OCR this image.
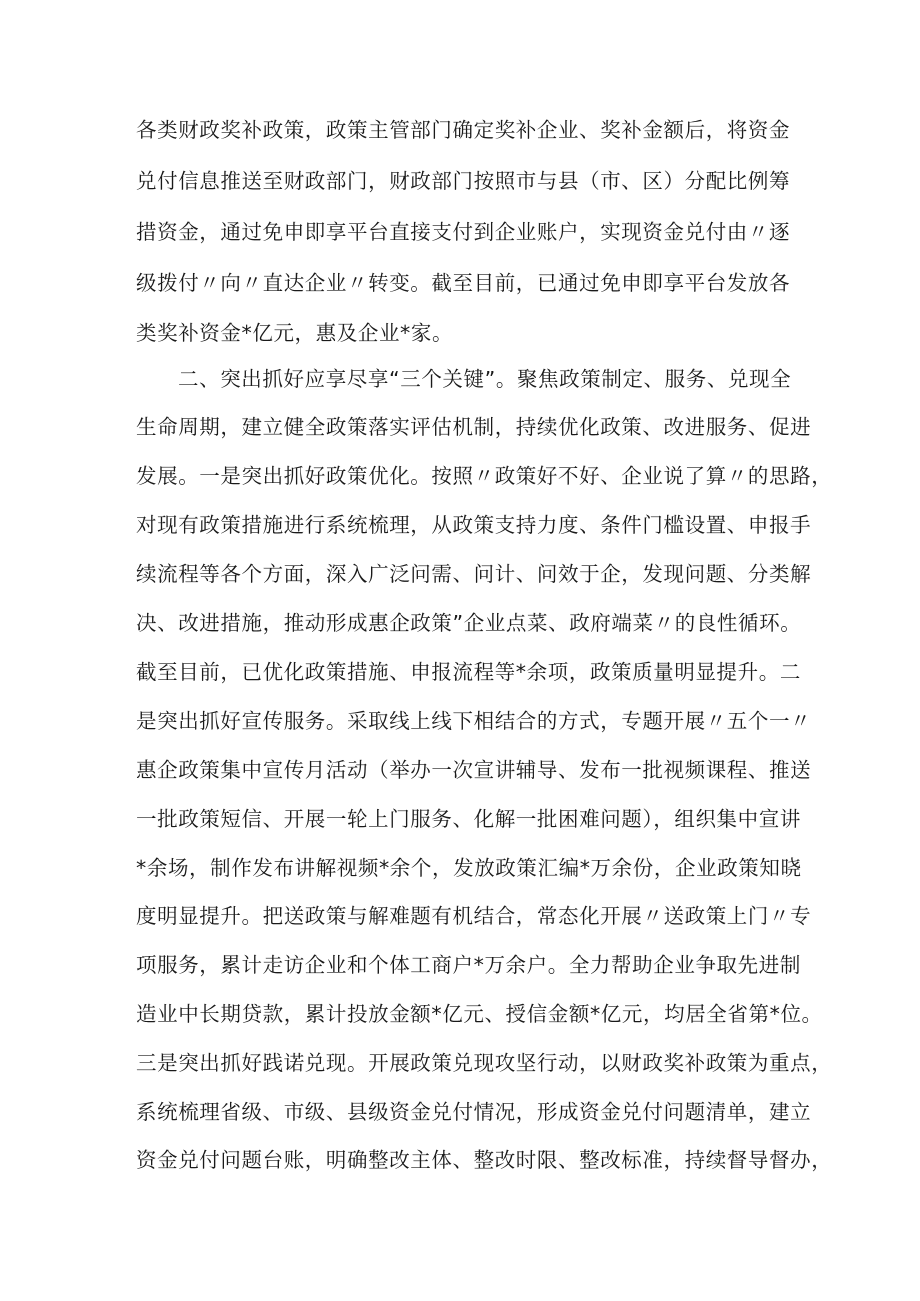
各类财政奖补政策，政策主管部门确定奖补企业、奖补金额后，将资金
兑付信息推送至财政部门，财政部门按照市与县（市、区）分配比例筹
措资金，通过免申即享平台直接支付到企业账户，实现资金兑付由〃逐
级拨付〃向〃直达企业〃转变。截至目前，已通过免申即享平台发放各
类奖补资金*亿元，惠及企业*家。
二、突出抓好应享尽享“三个关键”。聚焦政策制定、服务、兑现全
生命周期，建立健全政策落实评估机制，持续优化政策、改进服务、促进
发展。一是突出抓好政策优化。按照〃政策好不好、企业说了算〃的思路，
对现有政策措施进行系统梳理，从政策支持力度、条件门槛设置、申报手
续流程等各个方面，深入广泛问需、问计、问效于企，发现问题、分类解
决、改进措施，推动形成惠企政策”企业点菜、政府端菜〃的良性循环。
截至目前，已优化政策措施、申报流程等*余项，政策质量明显提升。二
是突出抓好宣传服务。采取线上线下相结合的方式，专题开展〃五个一〃
惠企政策集中宣传月活动（举办一次宣讲辅导、发布一批视频课程、推送
一批政策短信、开展一轮上门服务、化解一批困难问题），组织集中宣讲
*余场，制作发布讲解视频*余个，发放政策汇编*万余份，企业政策知晓
度明显提升。把送政策与解难题有机结合，常态化开展〃送政策上门〃专
项服务，累计走访企业和个体工商户*万余户。全力帮助企业争取先进制
造业中长期贷款，累计投放金额*亿元、授信金额*亿元，均居全省第*位。
三是突出抓好践诺兑现。开展政策兑现攻坚行动，以财政奖补政策为重点，
系统梳理省级、市级、县级资金兑付情况，形成资金兑付问题清单，建立
资金兑付问题台账，明确整改主体、整改时限、整改标准，持续督导督办，
